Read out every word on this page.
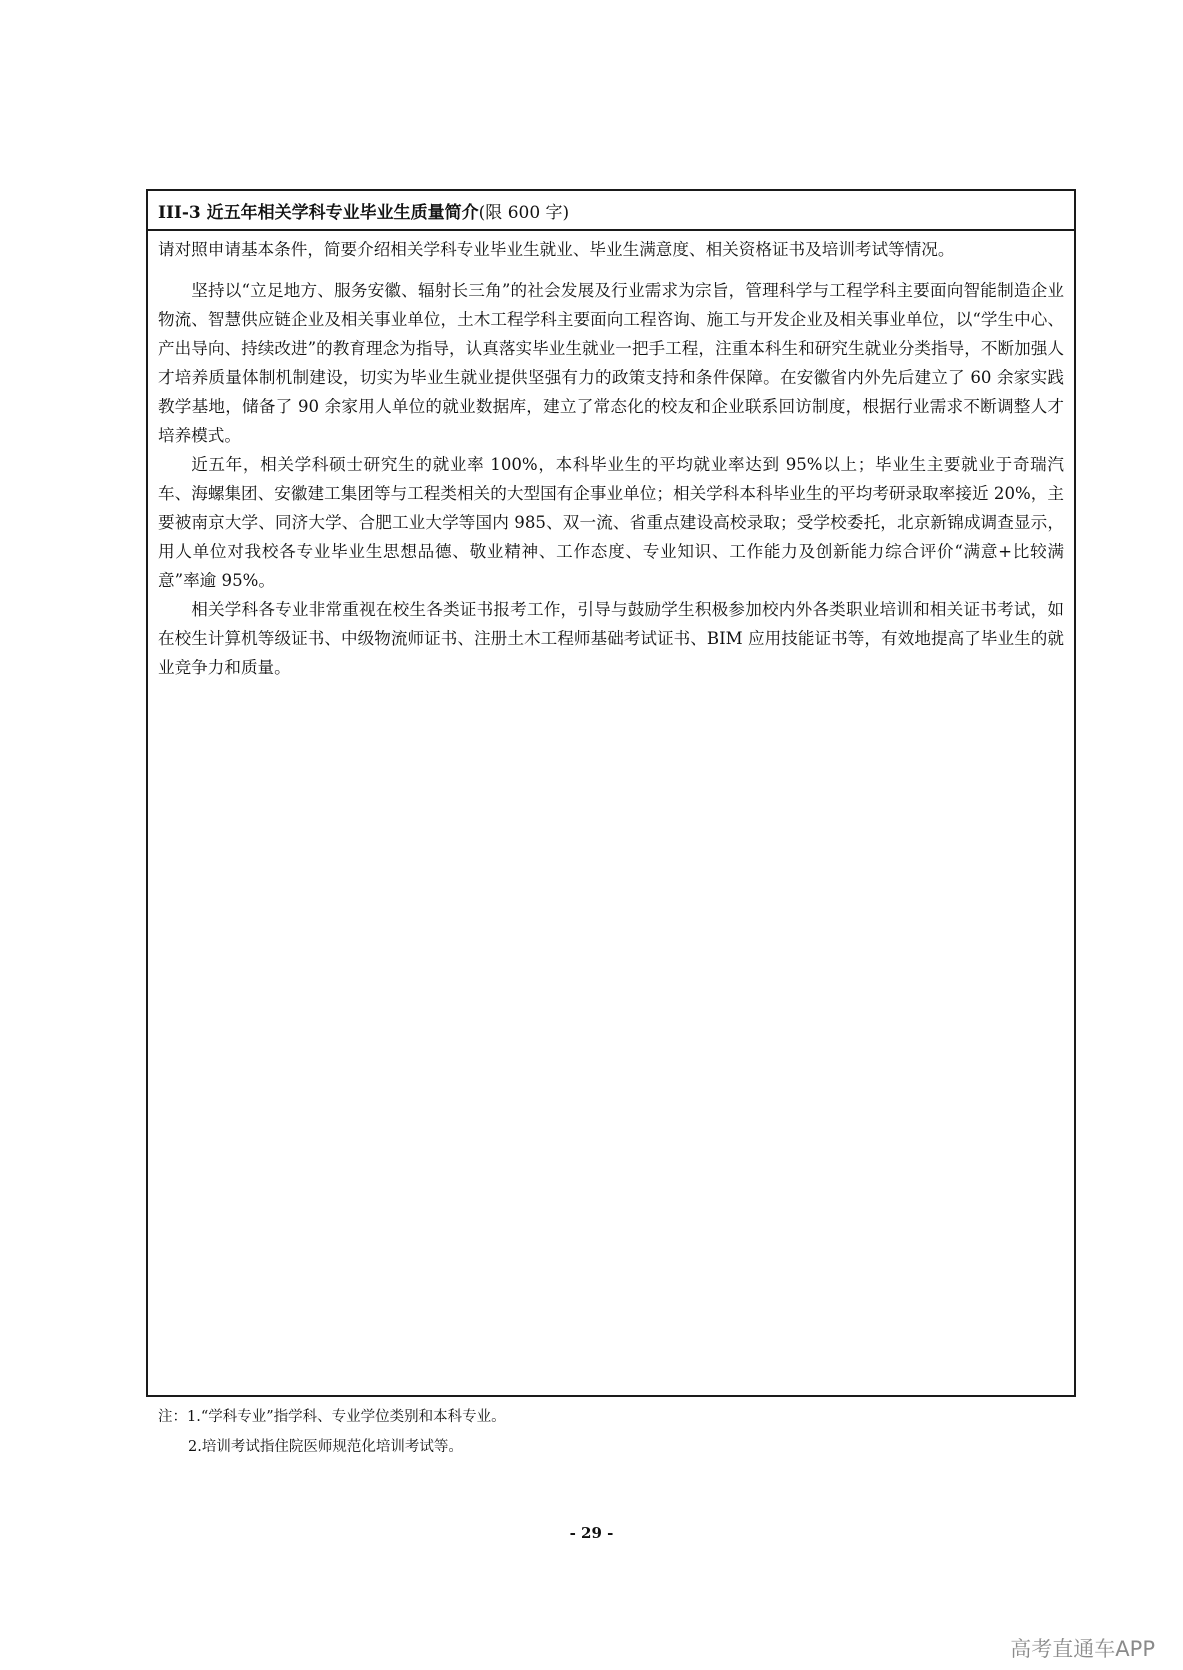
III-3 近五年相关学科专业毕业生质量简介 (限 600 字)

请对照申请基本条件，简要介绍相关学科专业毕业生就业、毕业生满意度、相关资格证书及培训考试等情况。

坚持以“立足地方、服务安徽、辐射长三角”的社会发展及行业需求为宗旨，管理科学与工程学科主要面向智能制造企业物流、智慧供应链企业及相关事业单位，土木工程学科主要面向工程咨询、施工与开发企业及相关事业单位，以“学生中心、产出导向、持续改进”的教育理念为指导，认真落实毕业生就业一把手工程，注重本科生和研究生就业分类指导，不断加强人才培养质量体制机制建设，切实为毕业生就业提供坚强有力的政策支持和条件保障。在安徽省内外先后建立了 60 余家实践教学基地，储备了 90 余家用人单位的就业数据库，建立了常态化的校友和企业联系回访制度，根据行业需求不断调整人才培养模式。

近五年，相关学科硕士研究生的就业率 100%，本科毕业生的平均就业率达到 95%以上；毕业生主要就业于奇瑞汽车、海螺集团、安徽建工集团等与工程类相关的大型国有企事业单位；相关学科本科毕业生的平均考研录取率接近 20%，主要被南京大学、同济大学、合肥工业大学等国内 985、双一流、省重点建设高校录取；受学校委托，北京新锦成调查显示，用人单位对我校各专业毕业生思想品德、敬业精神、工作态度、专业知识、工作能力及创新能力综合评价“满意+比较满意”率逾 95%。

相关学科各专业非常重视在校生各类证书报考工作，引导与鼓励学生积极参加校内外各类职业培训和相关证书考试，如在校生计算机等级证书、中级物流师证书、注册土木工程师基础考试证书、BIM 应用技能证书等，有效地提高了毕业生的就业竞争力和质量。

注：1.“学科专业”指学科、专业学位类别和本科专业。
2.培训考试指住院医师规范化培训考试等。
- 29 -
高考直通车APP
